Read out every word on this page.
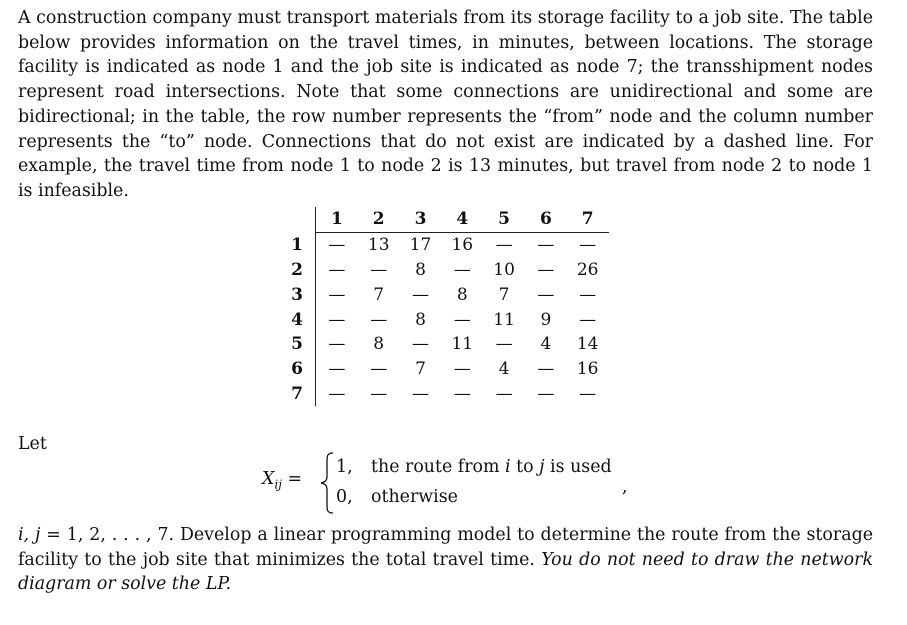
A construction company must transport materials from its storage facility to a job site. The table below provides information on the travel times, in minutes, between locations. The storage facility is indicated as node 1 and the job site is indicated as node 7; the transshipment nodes represent road intersections. Note that some connections are unidirectional and some are bidirectional; in the table, the row number represents the “from” node and the column number represents the “to” node. Connections that do not exist are indicated by a dashed line. For example, the travel time from node 1 to node 2 is 13 minutes, but travel from node 2 to node 1 is infeasible.

	1	2	3	4	5	6	7
1	—	13	17	16	—	—	—
2	—	—	8	—	10	—	26
3	—	7	—	8	7	—	—
4	—	—	8	—	11	9	—
5	—	8	—	11	—	4	14
6	—	—	7	—	4	—	16
7	—	—	—	—	—	—	—
Let
$X_{ij}$ =
1, the route from i to j is used
0, otherwise	,

i, j = 1, 2, . . . , 7. Develop a linear programming model to determine the route from the storage facility to the job site that minimizes the total travel time. You do not need to draw the network diagram or solve the LP.
